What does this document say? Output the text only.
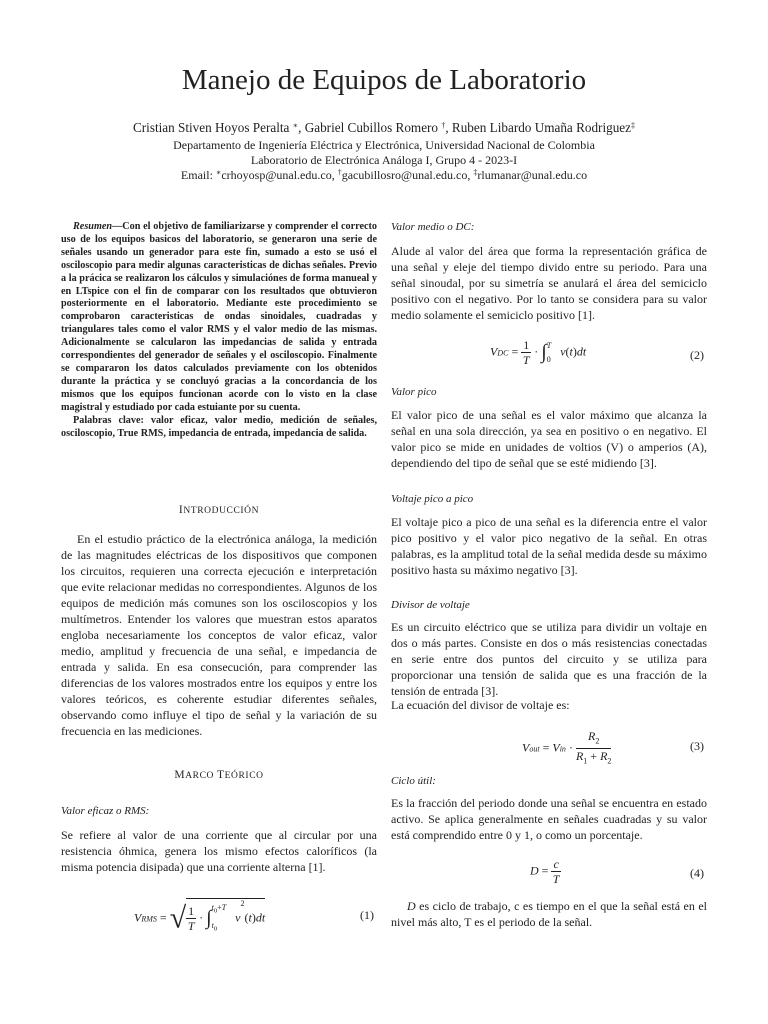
Manejo de Equipos de Laboratorio
Cristian Stiven Hoyos Peralta ∗, Gabriel Cubillos Romero †, Ruben Libardo Umaña Rodriguez‡
Departamento de Ingeniería Eléctrica y Electrónica, Universidad Nacional de Colombia
Laboratorio de Electrónica Análoga I, Grupo 4 - 2023-I
Email: ∗crhoyosp@unal.edu.co, †gacubillosro@unal.edu.co, ‡rlumanar@unal.edu.co

Resumen—Con el objetivo de familiarizarse y comprender el correcto uso de los equipos basicos del laboratorio, se generaron una serie de señales usando un generador para este fin, sumado a esto se usó el osciloscopio para medir algunas caracteristicas de dichas señales. Previo a la prácica se realizaron los cálculos y simulaciónes de forma manueal y en LTspice con el fin de comparar con los resultados que obtuvieron posteriormente en el laboratorio. Mediante este procedimiento se comprobaron caracteristicas de ondas sinoidales, cuadradas y triangulares tales como el valor RMS y el valor medio de las mismas. Adicionalmente se calcularon las impedancias de salida y entrada correspondientes del generador de señales y el osciloscopio. Finalmente se compararon los datos calculados previamente con los obtenidos durante la práctica y se concluyó gracias a la concordancia de los mismos que los equipos funcionan acorde con lo visto en la clase magistral y estudiado por cada estuiante por su cuenta.

Palabras clave: valor eficaz, valor medio, medición de señales, osciloscopio, True RMS, impedancia de entrada, impedancia de salida.

INTRODUCCIÓN

En el estudio práctico de la electrónica análoga, la medición de las magnitudes eléctricas de los dispositivos que componen los circuitos, requieren una correcta ejecución e interpretación que evite relacionar medidas no correspondientes. Algunos de los equipos de medición más comunes son los osciloscopios y los multímetros. Entender los valores que muestran estos aparatos engloba necesariamente los conceptos de valor eficaz, valor medio, amplitud y frecuencia de una señal, e impedancia de entrada y salida. En esa consecución, para comprender las diferencias de los valores mostrados entre los equipos y entre los valores teóricos, es coherente estudiar diferentes señales, observando como influye el tipo de señal y la variación de su frecuencia en las mediciones.

MARCO TEÓRICO
Valor eficaz o RMS:

Se refiere al valor de una corriente que al circular por una resistencia óhmica, genera los mismo efectos caloríficos (la misma potencia disipada) que una corriente alterna [1].

VRMS = √ $\frac{1}{T} \cdot \int t_0+T$
$t_0$   $v^2(t)dt$	(1)
Valor medio o DC:

Alude al valor del área que forma la representación gráfica de una señal y eleje del tiempo divido entre su periodo. Para una señal sinoudal, por su simetría se anulará el área del semiciclo positivo con el negativo. Por lo tanto se considera para su valor medio solamente el semiciclo positivo [1].

VDC = $\frac{1}{T} \cdot \int T$
0   v(t)dt	(2)
Valor pico

El valor pico de una señal es el valor máximo que alcanza la señal en una sola dirección, ya sea en positivo o en negativo. El valor pico se mide en unidades de voltios (V) o amperios (A), dependiendo del tipo de señal que se esté midiendo [3].

Voltaje pico a pico

El voltaje pico a pico de una señal es la diferencia entre el valor pico positivo y el valor pico negativo de la señal. En otras palabras, es la amplitud total de la señal medida desde su máximo positivo hasta su máximo negativo [3].

Divisor de voltaje

Es un circuito eléctrico que se utiliza para dividir un voltaje en dos o más partes. Consiste en dos o más resistencias conectadas en serie entre dos puntos del circuito y se utiliza para proporcionar una tensión de salida que es una fracción de la tensión de entrada [3].

La ecuación del divisor de voltaje es:

Vout = Vin · $\frac{R_2}{R_1 + R_2}$	(3)
Ciclo útil:

Es la fracción del periodo donde una señal se encuentra en estado activo. Se aplica generalmente en señales cuadradas y su valor está comprendido entre 0 y 1, o como un porcentaje.

$D = \frac{c}{T}$	(4)

D es ciclo de trabajo, c es tiempo en el que la señal está en el nivel más alto, T es el periodo de la señal.
